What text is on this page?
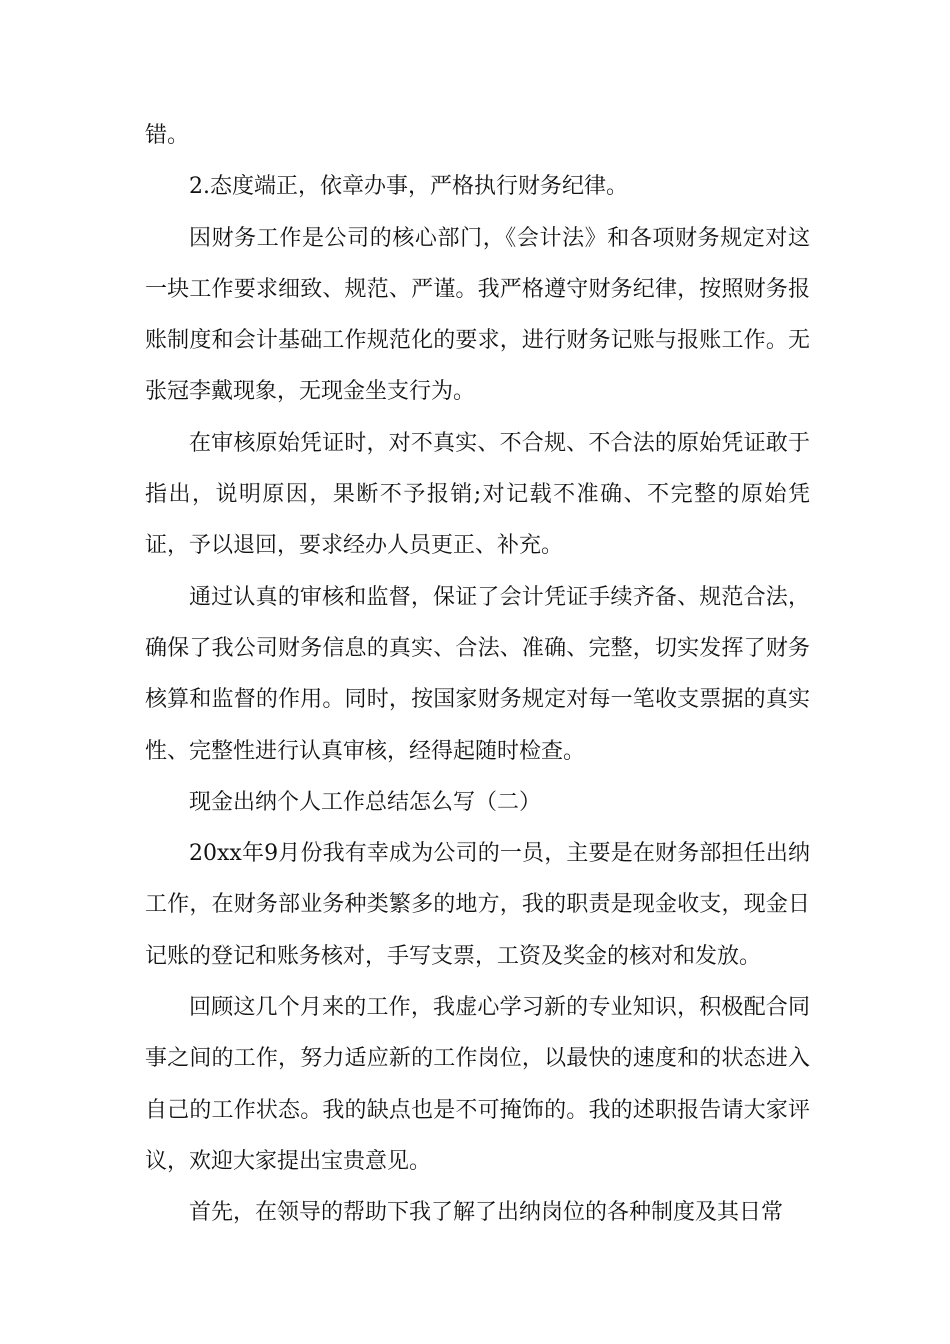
错。

2.态度端正，依章办事，严格执行财务纪律。

因财务工作是公司的核心部门，《会计法》和各项财务规定对这一块工作要求细致、规范、严谨。我严格遵守财务纪律，按照财务报账制度和会计基础工作规范化的要求，进行财务记账与报账工作。无张冠李戴现象，无现金坐支行为。

在审核原始凭证时，对不真实、不合规、不合法的原始凭证敢于指出，说明原因，果断不予报销;对记载不准确、不完整的原始凭证，予以退回，要求经办人员更正、补充。

通过认真的审核和监督，保证了会计凭证手续齐备、规范合法，确保了我公司财务信息的真实、合法、准确、完整，切实发挥了财务核算和监督的作用。同时，按国家财务规定对每一笔收支票据的真实性、完整性进行认真审核，经得起随时检查。

现金出纳个人工作总结怎么写（二）

20xx年9月份我有幸成为公司的一员，主要是在财务部担任出纳工作，在财务部业务种类繁多的地方，我的职责是现金收支，现金日记账的登记和账务核对，手写支票，工资及奖金的核对和发放。

回顾这几个月来的工作，我虚心学习新的专业知识，积极配合同事之间的工作，努力适应新的工作岗位，以最快的速度和的状态进入自己的工作状态。我的缺点也是不可掩饰的。我的述职报告请大家评议，欢迎大家提出宝贵意见。

首先，在领导的帮助下我了解了出纳岗位的各种制度及其日常
